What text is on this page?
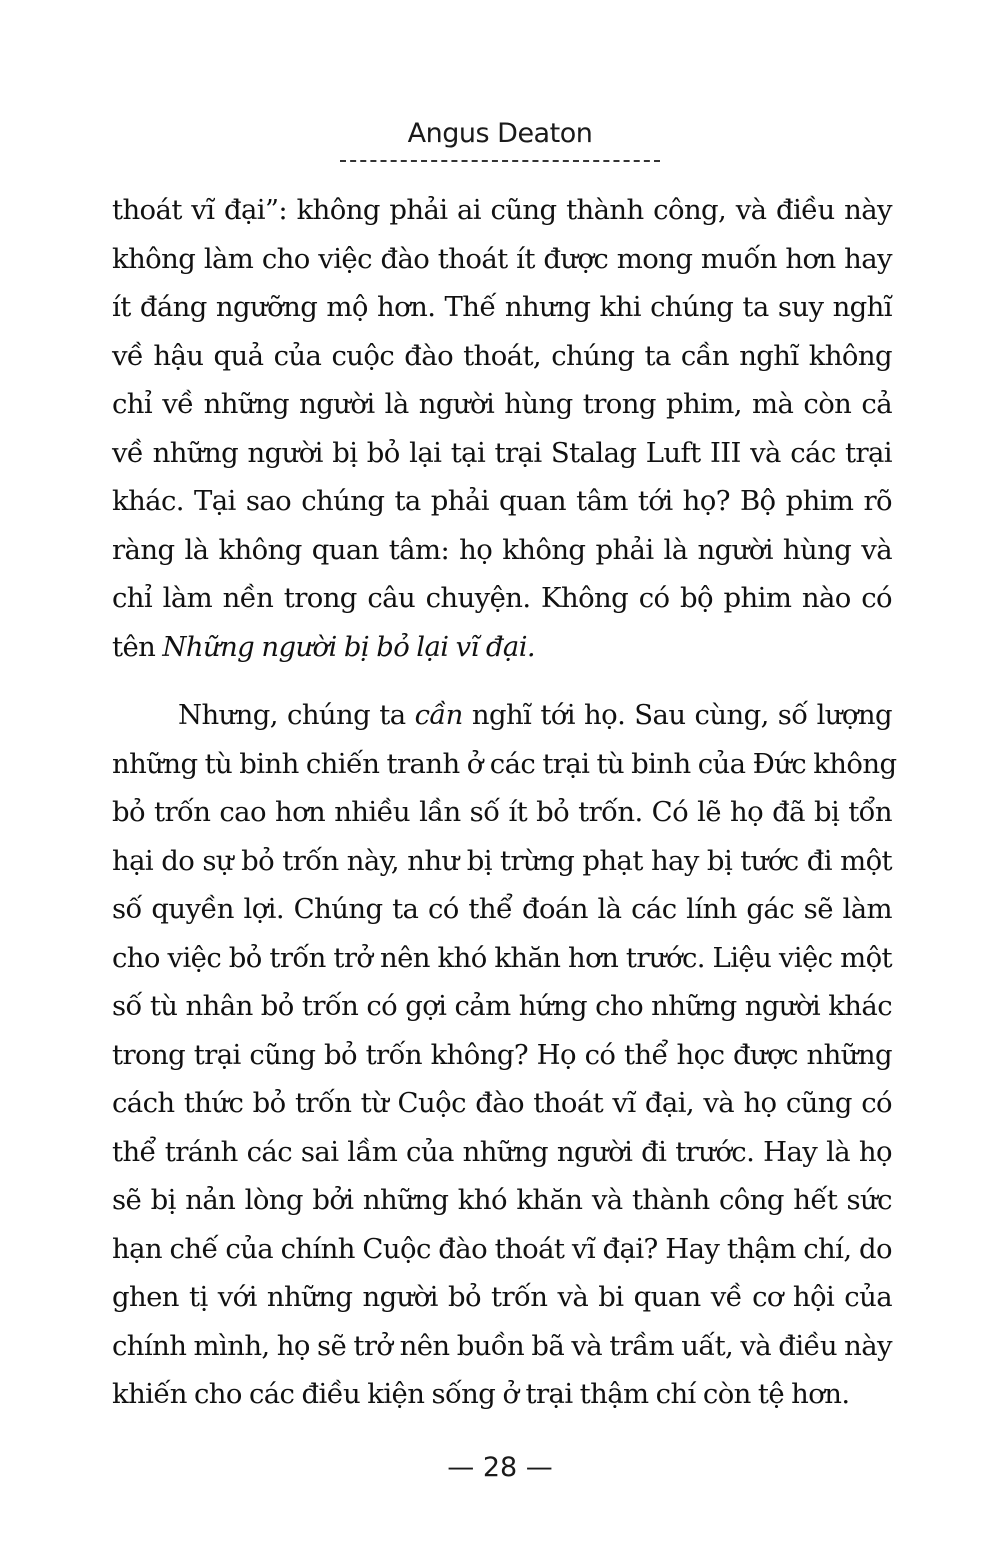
Angus Deaton
thoát vĩ đại”: không phải ai cũng thành công, và điều này
không làm cho việc đào thoát ít được mong muốn hơn hay
ít đáng ngưỡng mộ hơn. Thế nhưng khi chúng ta suy nghĩ
về hậu quả của cuộc đào thoát, chúng ta cần nghĩ không
chỉ về những người là người hùng trong phim, mà còn cả
về những người bị bỏ lại tại trại Stalag Luft III và các trại
khác. Tại sao chúng ta phải quan tâm tới họ? Bộ phim rõ
ràng là không quan tâm: họ không phải là người hùng và
chỉ làm nền trong câu chuyện. Không có bộ phim nào có
tên Những người bị bỏ lại vĩ đại.
Nhưng, chúng ta cần nghĩ tới họ. Sau cùng, số lượng
những tù binh chiến tranh ở các trại tù binh của Đức không
bỏ trốn cao hơn nhiều lần số ít bỏ trốn. Có lẽ họ đã bị tổn
hại do sự bỏ trốn này, như bị trừng phạt hay bị tước đi một
số quyền lợi. Chúng ta có thể đoán là các lính gác sẽ làm
cho việc bỏ trốn trở nên khó khăn hơn trước. Liệu việc một
số tù nhân bỏ trốn có gợi cảm hứng cho những người khác
trong trại cũng bỏ trốn không? Họ có thể học được những
cách thức bỏ trốn từ Cuộc đào thoát vĩ đại, và họ cũng có
thể tránh các sai lầm của những người đi trước. Hay là họ
sẽ bị nản lòng bởi những khó khăn và thành công hết sức
hạn chế của chính Cuộc đào thoát vĩ đại? Hay thậm chí, do
ghen tị với những người bỏ trốn và bi quan về cơ hội của
chính mình, họ sẽ trở nên buồn bã và trầm uất, và điều này
khiến cho các điều kiện sống ở trại thậm chí còn tệ hơn.
— 28 —
